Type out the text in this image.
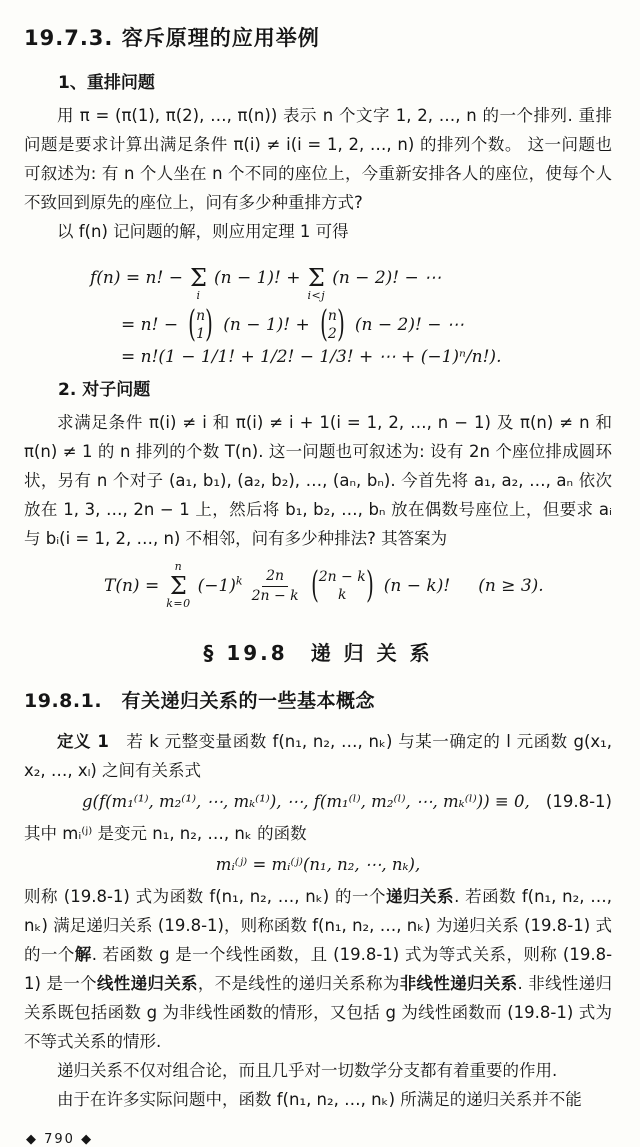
19.7.3. 容斥原理的应用举例
1、重排问题

用 π = (π(1), π(2), …, π(n)) 表示 n 个文字 1, 2, …, n 的一个排列. 重排问题是要求计算出满足条件 π(i) ≠ i(i = 1, 2, …, n) 的排列个数。 这一问题也可叙述为: 有 n 个人坐在 n 个不同的座位上，今重新安排各人的座位，使每个人不致回到原先的座位上，问有多少种重排方式?

以 f(n) 记问题的解，则应用定理 1 可得

f(n) = n! − Σ
i
(n − 1)! + Σ
i<j
(n − 2)! − ⋯
= n! − ( n
1 ) (n − 1)! + ( n
2 ) (n − 2)! − ⋯
= n!(1 − 1/1! + 1/2! − 1/3! + ⋯ + (−1)ⁿ/n!).
2. 对子问题

求满足条件 π(i) ≠ i 和 π(i) ≠ i + 1(i = 1, 2, …, n − 1) 及 π(n) ≠ n 和 π(n) ≠ 1 的 n 排列的个数 T(n). 这一问题也可叙述为: 设有 2n 个座位排成圆环状，另有 n 个对子 (a₁, b₁), (a₂, b₂), …, (aₙ, bₙ). 今首先将 a₁, a₂, …, aₙ 依次放在 1, 3, …, 2n − 1 上，然后将 b₁, b₂, …, bₙ 放在偶数号座位上，但要求 aᵢ 与 bᵢ(i = 1, 2, …, n) 不相邻，问有多少种排法? 其答案为

T(n) =
n
Σ
k=0
$(-1)^k \frac{2n}{2n - k}$ ( 2n − k
k ) (n − k)! (n ≥ 3).
§ 19.8　递 归 关 系
19.8.1.　有关递归关系的一些基本概念

定义 1　若 k 元整变量函数 f(n₁, n₂, …, nₖ) 与某一确定的 l 元函数 g(x₁, x₂, …, xₗ) 之间有关系式

g(f(m₁⁽¹⁾, m₂⁽¹⁾, ⋯, mₖ⁽¹⁾), ⋯, f(m₁⁽ˡ⁾, m₂⁽ˡ⁾, ⋯, mₖ⁽ˡ⁾)) ≡ 0, (19.8-1)

其中 mᵢ⁽ʲ⁾ 是变元 n₁, n₂, …, nₖ 的函数

mᵢ⁽ʲ⁾ = mᵢ⁽ʲ⁾(n₁, n₂, ⋯, nₖ),

则称 (19.8-1) 式为函数 f(n₁, n₂, …, nₖ) 的一个递归关系. 若函数 f(n₁, n₂, …, nₖ) 满足递归关系 (19.8-1)，则称函数 f(n₁, n₂, …, nₖ) 为递归关系 (19.8-1) 式的一个解. 若函数 g 是一个线性函数，且 (19.8-1) 式为等式关系，则称 (19.8-1) 是一个线性递归关系，不是线性的递归关系称为非线性递归关系. 非线性递归关系既包括函数 g 为非线性函数的情形，又包括 g 为线性函数而 (19.8-1) 式为不等式关系的情形.

递归关系不仅对组合论，而且几乎对一切数学分支都有着重要的作用.

由于在许多实际问题中，函数 f(n₁, n₂, …, nₖ) 所满足的递归关系并不能

◆ 790 ◆
